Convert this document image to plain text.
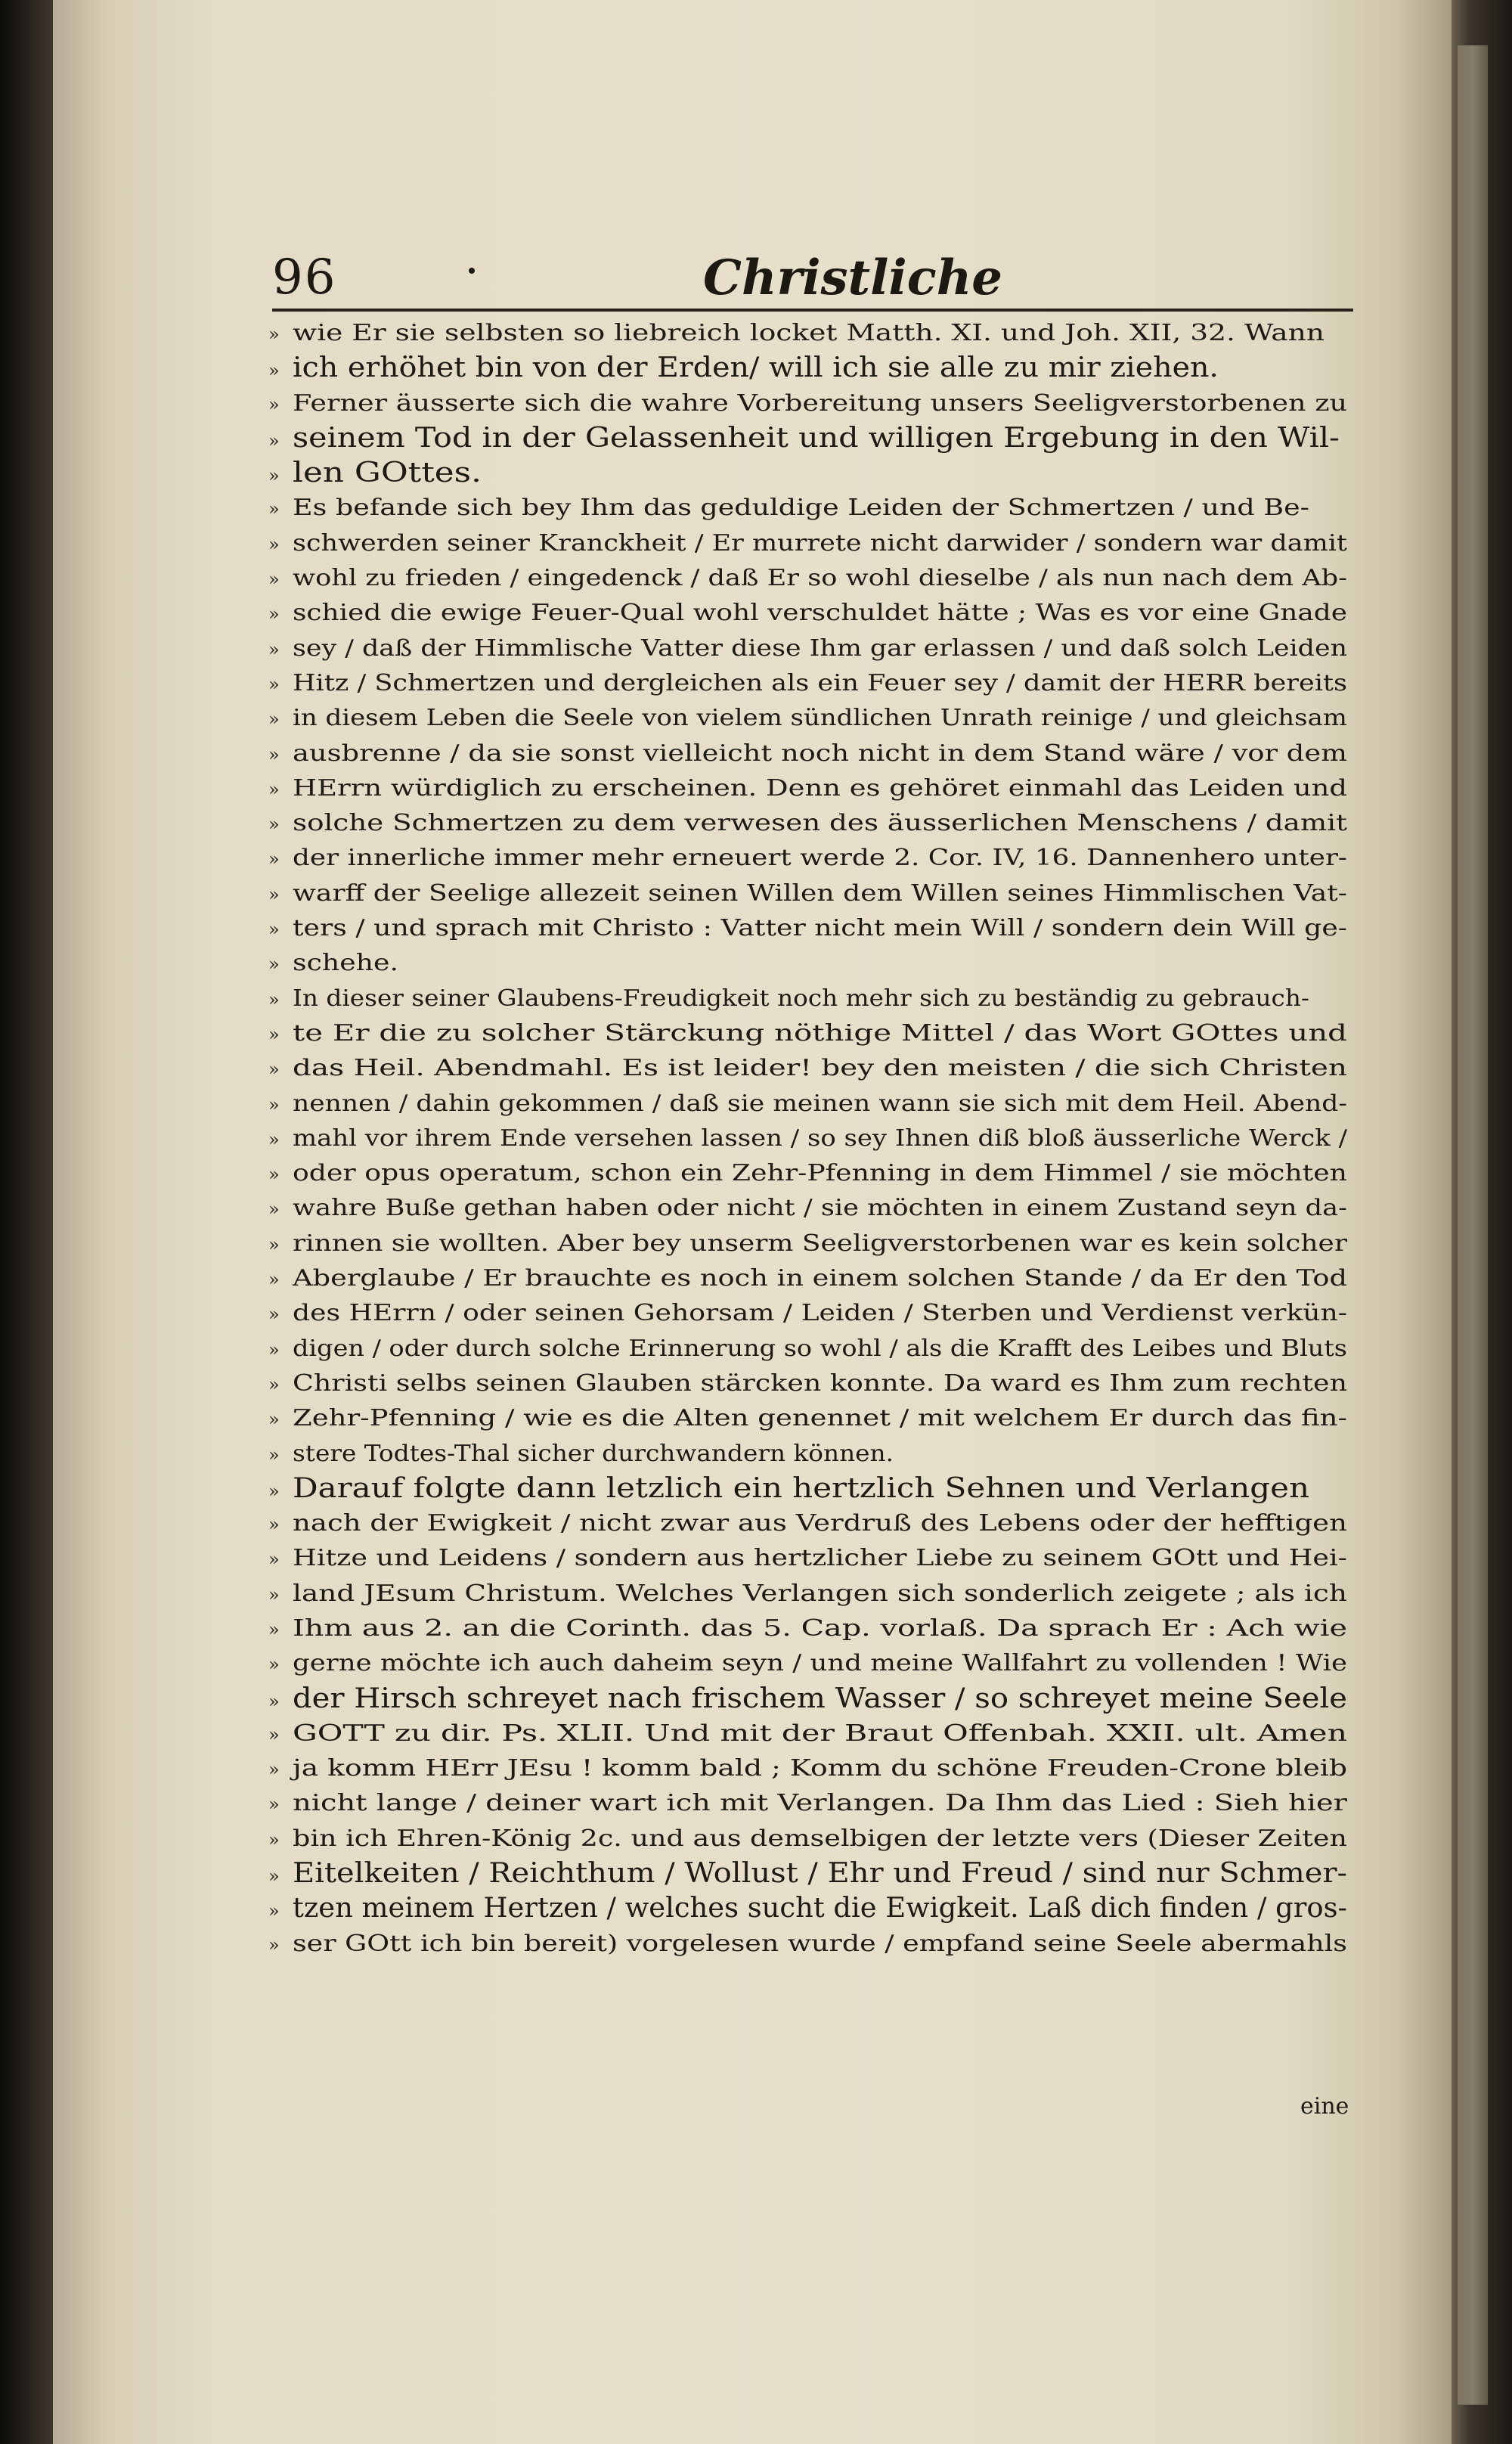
96	Christliche
» wie Er sie selbsten so liebreich locket Matth. XI. und Joh. XII, 32. Wann
» ich erhöhet bin von der Erden/ will ich sie alle zu mir ziehen.
» Ferner äusserte sich die wahre Vorbereitung unsers Seeligverstorbenen zu
» seinem Tod in der Gelassenheit und willigen Ergebung in den Wil-
» len GOttes.
» Es befande sich bey Ihm das geduldige Leiden der Schmertzen / und Be-
» schwerden seiner Kranckheit / Er murrete nicht darwider / sondern war damit
» wohl zu frieden / eingedenck / daß Er so wohl dieselbe / als nun nach dem Ab-
» schied die ewige Feuer-Qual wohl verschuldet hätte ; Was es vor eine Gnade
» sey / daß der Himmlische Vatter diese Ihm gar erlassen / und daß solch Leiden
» Hitz / Schmertzen und dergleichen als ein Feuer sey / damit der HERR bereits
» in diesem Leben die Seele von vielem sündlichen Unrath reinige / und gleichsam
» ausbrenne / da sie sonst vielleicht noch nicht in dem Stand wäre / vor dem
» HErrn würdiglich zu erscheinen. Denn es gehöret einmahl das Leiden und
» solche Schmertzen zu dem verwesen des äusserlichen Menschens / damit
» der innerliche immer mehr erneuert werde 2. Cor. IV, 16. Dannenhero unter-
» warff der Seelige allezeit seinen Willen dem Willen seines Himmlischen Vat-
» ters / und sprach mit Christo : Vatter nicht mein Will / sondern dein Will ge-
» schehe.
» In dieser seiner Glaubens-Freudigkeit noch mehr sich zu beständig zu gebrauch-
» te Er die zu solcher Stärckung nöthige Mittel / das Wort GOttes und
» das Heil. Abendmahl. Es ist leider! bey den meisten / die sich Christen
» nennen / dahin gekommen / daß sie meinen wann sie sich mit dem Heil. Abend-
» mahl vor ihrem Ende versehen lassen / so sey Ihnen diß bloß äusserliche Werck /
» oder opus operatum, schon ein Zehr-Pfenning in dem Himmel / sie möchten
» wahre Buße gethan haben oder nicht / sie möchten in einem Zustand seyn da-
» rinnen sie wollten. Aber bey unserm Seeligverstorbenen war es kein solcher
» Aberglaube / Er brauchte es noch in einem solchen Stande / da Er den Tod
» des HErrn / oder seinen Gehorsam / Leiden / Sterben und Verdienst verkün-
» digen / oder durch solche Erinnerung so wohl / als die Krafft des Leibes und Bluts
» Christi selbs seinen Glauben stärcken konnte. Da ward es Ihm zum rechten
» Zehr-Pfenning / wie es die Alten genennet / mit welchem Er durch das fin-
» stere Todtes-Thal sicher durchwandern können.
» Darauf folgte dann letzlich ein hertzlich Sehnen und Verlangen
» nach der Ewigkeit / nicht zwar aus Verdruß des Lebens oder der hefftigen
» Hitze und Leidens / sondern aus hertzlicher Liebe zu seinem GOtt und Hei-
» land JEsum Christum. Welches Verlangen sich sonderlich zeigete ; als ich
» Ihm aus 2. an die Corinth. das 5. Cap. vorlaß. Da sprach Er : Ach wie
» gerne möchte ich auch daheim seyn / und meine Wallfahrt zu vollenden ! Wie
» der Hirsch schreyet nach frischem Wasser / so schreyet meine Seele
» GOTT zu dir. Ps. XLII. Und mit der Braut Offenbah. XXII. ult. Amen
» ja komm HErr JEsu ! komm bald ; Komm du schöne Freuden-Crone bleib
» nicht lange / deiner wart ich mit Verlangen. Da Ihm das Lied : Sieh hier
» bin ich Ehren-König 2c. und aus demselbigen der letzte vers (Dieser Zeiten
» Eitelkeiten / Reichthum / Wollust / Ehr und Freud / sind nur Schmer-
» tzen meinem Hertzen / welches sucht die Ewigkeit. Laß dich finden / gros-
» ser GOtt ich bin bereit) vorgelesen wurde / empfand seine Seele abermahls
eine
